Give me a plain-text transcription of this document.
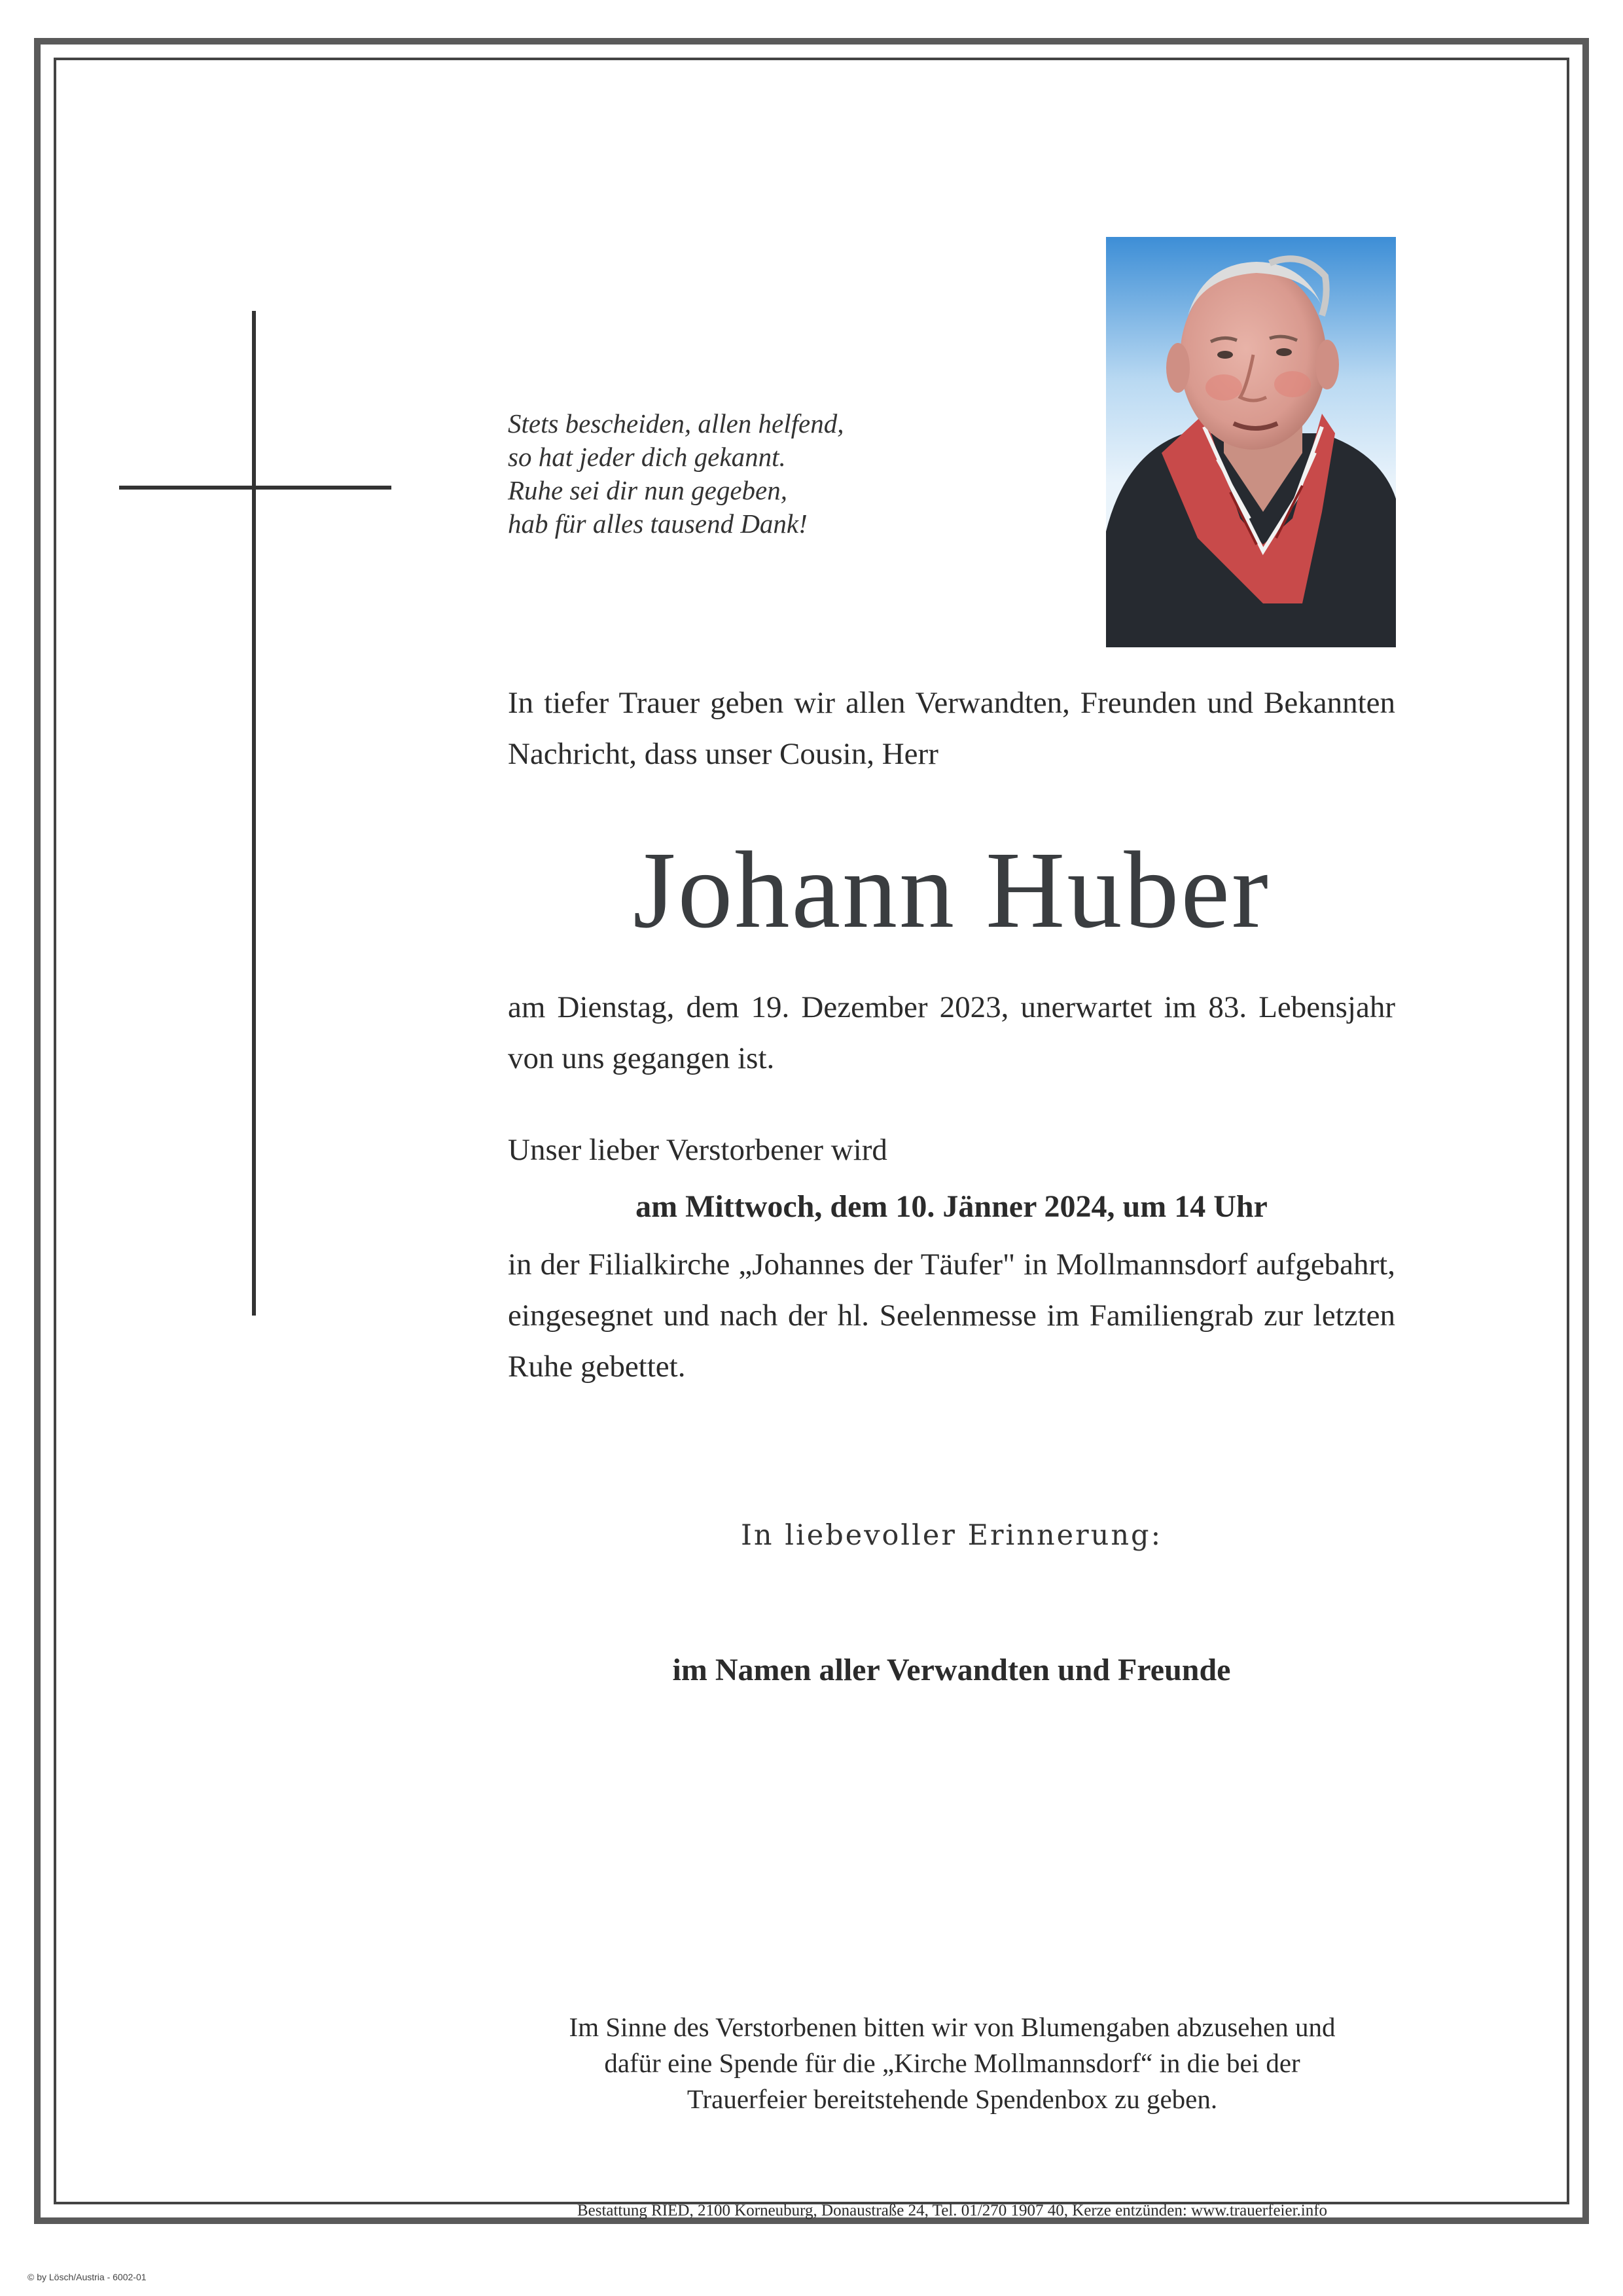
Stets bescheiden, allen helfend,
so hat jeder dich gekannt.
Ruhe sei dir nun gegeben,
hab für alles tausend Dank!
In tiefer Trauer geben wir allen Verwandten, Freunden und Bekannten Nachricht, dass unser Cousin, Herr
Johann Huber
am Dienstag, dem 19. Dezember 2023, unerwartet im 83. Lebensjahr von uns gegangen ist.
Unser lieber Verstorbener wird
am Mittwoch, dem 10. Jänner 2024, um 14 Uhr
in der Filialkirche „Johannes der Täufer" in Mollmannsdorf aufgebahrt, eingesegnet und nach der hl. Seelenmesse im Familiengrab zur letzten Ruhe gebettet.
In liebevoller Erinnerung:
im Namen aller Verwandten und Freunde
Im Sinne des Verstorbenen bitten wir von Blumengaben abzusehen und
dafür eine Spende für die „Kirche Mollmannsdorf“ in die bei der
Trauerfeier bereitstehende Spendenbox zu geben.
Bestattung RIED, 2100 Korneuburg, Donaustraße 24, Tel. 01/270 1907 40, Kerze entzünden: www.trauerfeier.info
© by Lösch/Austria - 6002-01
